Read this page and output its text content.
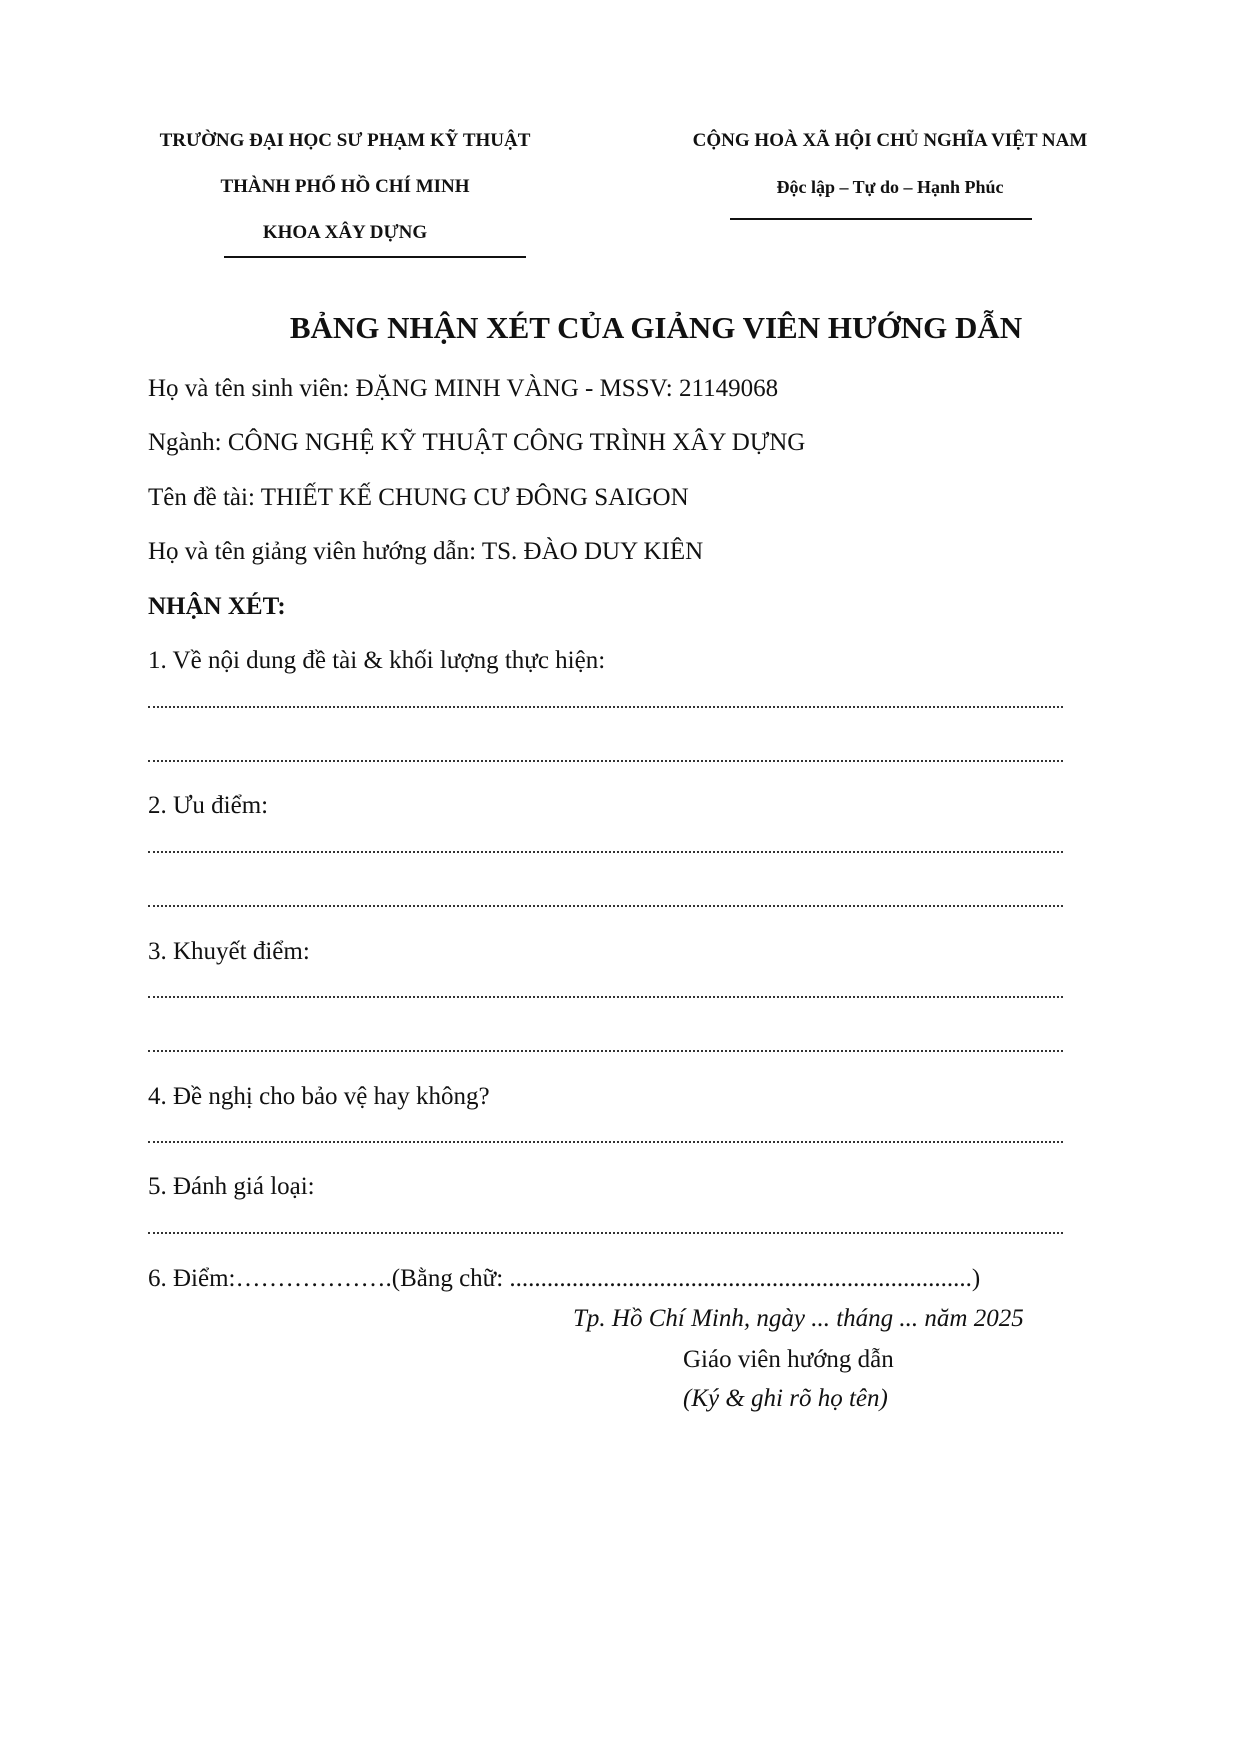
TRƯỜNG ĐẠI HỌC SƯ PHẠM KỸ THUẬT
THÀNH PHỐ HỒ CHÍ MINH
KHOA XÂY DỰNG
CỘNG HOÀ XÃ HỘI CHỦ NGHĨA VIỆT NAM
Độc lập – Tự do – Hạnh Phúc
BẢNG NHẬN XÉT CỦA GIẢNG VIÊN HƯỚNG DẪN
Họ và tên sinh viên: ĐẶNG MINH VÀNG - MSSV: 21149068
Ngành: CÔNG NGHỆ KỸ THUẬT CÔNG TRÌNH XÂY DỰNG
Tên đề tài: THIẾT KẾ CHUNG CƯ ĐÔNG SAIGON
Họ và tên giảng viên hướng dẫn: TS. ĐÀO DUY KIÊN
NHẬN XÉT:
1. Về nội dung đề tài & khối lượng thực hiện:
2. Ưu điểm:
3. Khuyết điểm:
4. Đề nghị cho bảo vệ hay không?
5. Đánh giá loại:
6. Điểm:……………….(Bằng chữ: ..........................................................................)
Tp. Hồ Chí Minh, ngày ... tháng ... năm 2025
Giáo viên hướng dẫn
(Ký & ghi rõ họ tên)
